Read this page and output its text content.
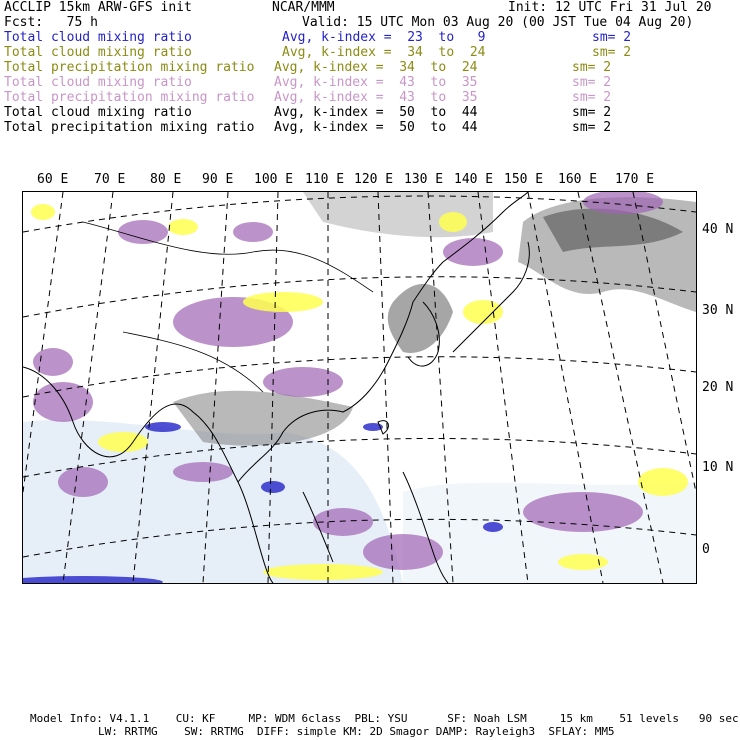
ACCLIP 15km ARW-GFS init	NCAR/MMM	Init: 12 UTC Fri 31 Jul 20
Fcst:   75 h	Valid: 15 UTC Mon 03 Aug 20 (00 JST Tue 04 Aug 20)
Total cloud mixing ratio	Avg, k-index =  23  to   9	sm= 2
Total cloud mixing ratio	Avg, k-index =  34  to  24	sm= 2
Total precipitation mixing ratio Avg, k-index =  34  to  24	sm= 2
Total cloud mixing ratio	Avg, k-index =  43  to  35	sm= 2
Total precipitation mixing ratio Avg, k-index =  43  to  35	sm= 2
Total cloud mixing ratio	Avg, k-index =  50  to  44	sm= 2
Total precipitation mixing ratio Avg, k-index =  50  to  44	sm= 2
60 E 70 E 80 E 90 E 100 E 110 E 120 E 130 E 140 E 150 E 160 E 170 E
40 N
30 N
20 N
10 N
0
Model Info: V4.1.1    CU: KF     MP: WDM 6class  PBL: YSU      SF: Noah LSM     15 km    51 levels   90 sec
LW: RRTMG    SW: RRTMG  DIFF: simple KM: 2D Smagor DAMP: Rayleigh3  SFLAY: MM5
